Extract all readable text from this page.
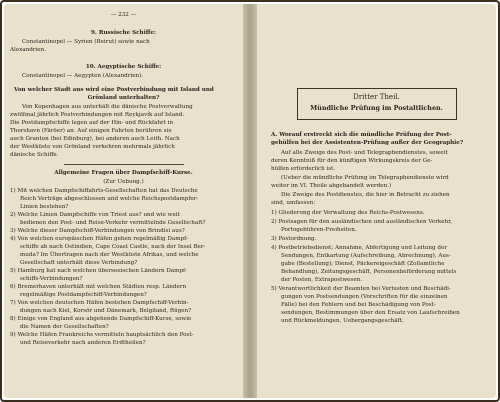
— 232 —
9. Russische Schiffe:
Constantinopel — Syrien (Beirut) sowie nach
Alexandrien.
10. Aegyptische Schiffe:
Constantinopel — Aegypten (Alexandrien).
Von welcher Stadt aus wird eine Postverbindung mit Island und
Grönland unterhalten?
Von Kopenhagen aus unterhält die dänische Postverwaltung
zwölfmal jährlich Postverbindungen mit Reykjavík auf Island.
Die Postdampfschiffe legen auf der Hin- und Rückfahrt in
Thorshavn (Färöer) an. Auf einigen Fahrten berühren sie
auch Granton (bei Edinburg), bei anderen auch Leith. Nach
der Westküste von Grönland verkehren mehrmals jährlich
dänische Schiffe.
Allgemeine Fragen über Dampfschiff-Kurse.
(Zur Uebung.)
1) Mit welchen Dampfschiffahrts-Gesellschaften hat das Deutsche
Reich Verträge abgeschlossen und welche Reichspostdampfer-
Linien bestehen?
2) Welche Linien Dampfschiffe von Triest aus? und wie weit
bedienen den Post- und Reise-Verkehr vermittelnde Gesellschaft?
3) Welche dieser Dampfschiff-Verbindungen von Brindisi aus?
4) Von welchen europäischen Häfen gehen regelmäßig Dampf-
schiffe ab nach Ostindien, Cape Coast Castle, nach der Insel Ber-
muda? Im Übertragen nach der Westküste Afrikas, und welche
Gesellschaft unterhält diese Verbindung?
5) Hamburg hat nach welchen überseeischen Ländern Dampf-
schiffs-Verbindungen?
6) Bremerhaven unterhält mit welchen Städten resp. Ländern
regelmäßige Postdampfschiff-Verbindungen?
7) Von welchen deutschen Häfen bestehen Dampfschiff-Verbin-
dungen nach Kiel, Korsör und Dänemark, Belgiland, Rügen?
8) Einige von England aus abgehende Dampfschiff-Kurse, sowie
die Namen der Gesellschaften?
9) Welche Häfen Frankreichs vermitteln hauptsächlich den Post-
und Reiseverkehr nach anderen Erdtheilen?
Dritter Theil.
Mündliche Prüfung im Postaltlichen.
A. Worauf erstreckt sich die mündliche Prüfung der Post-
gehülfen bei der Assistenten-Prüfung außer der Geographie?
Auf alle Zweige des Post- und Telegraphendienstes, soweit
deren Kenntniß für den künftigen Wirkungskreis der Ge-
hülfen erforderlich ist.
(Ueber die mündliche Prüfung im Telegraphendienste wird
weiter im VI. Theile abgehandelt werden.)
Die Zweige des Postdienstes, die hier in Betracht zu ziehen
sind, umfassen:
1) Gliederung der Verwaltung des Reichs-Postwesens.
2) Postsagen für den ausländischen und ausländischen Verkehr,
Portogebühren-Freiheiten.
3) Postordnung.
4) Postbetriebsdienst; Annahme, Abfertigung und Leitung der
Sendungen, Entkartung (Aufschreibung, Abrechnung), Aus-
gabe (Bestellung); Dienst, Päckereigeschäft (Zollamtliche
Behandlung), Zeitungsgeschäft, Personenbeförderung mittels
der Posten, Extrapostwesen.
5) Verantwortlichkeit der Beamten bei Verlusten und Beschädi-
gungen von Postsendungen (Vorschriften für die einzelnen
Fälle) bei den Fehlern und bei Beschädigung von Post-
sendungen, Bestimmungen über den Ersatz von Laufschreiben
und Rückmeldungen, Uebergangsgeschäft.
